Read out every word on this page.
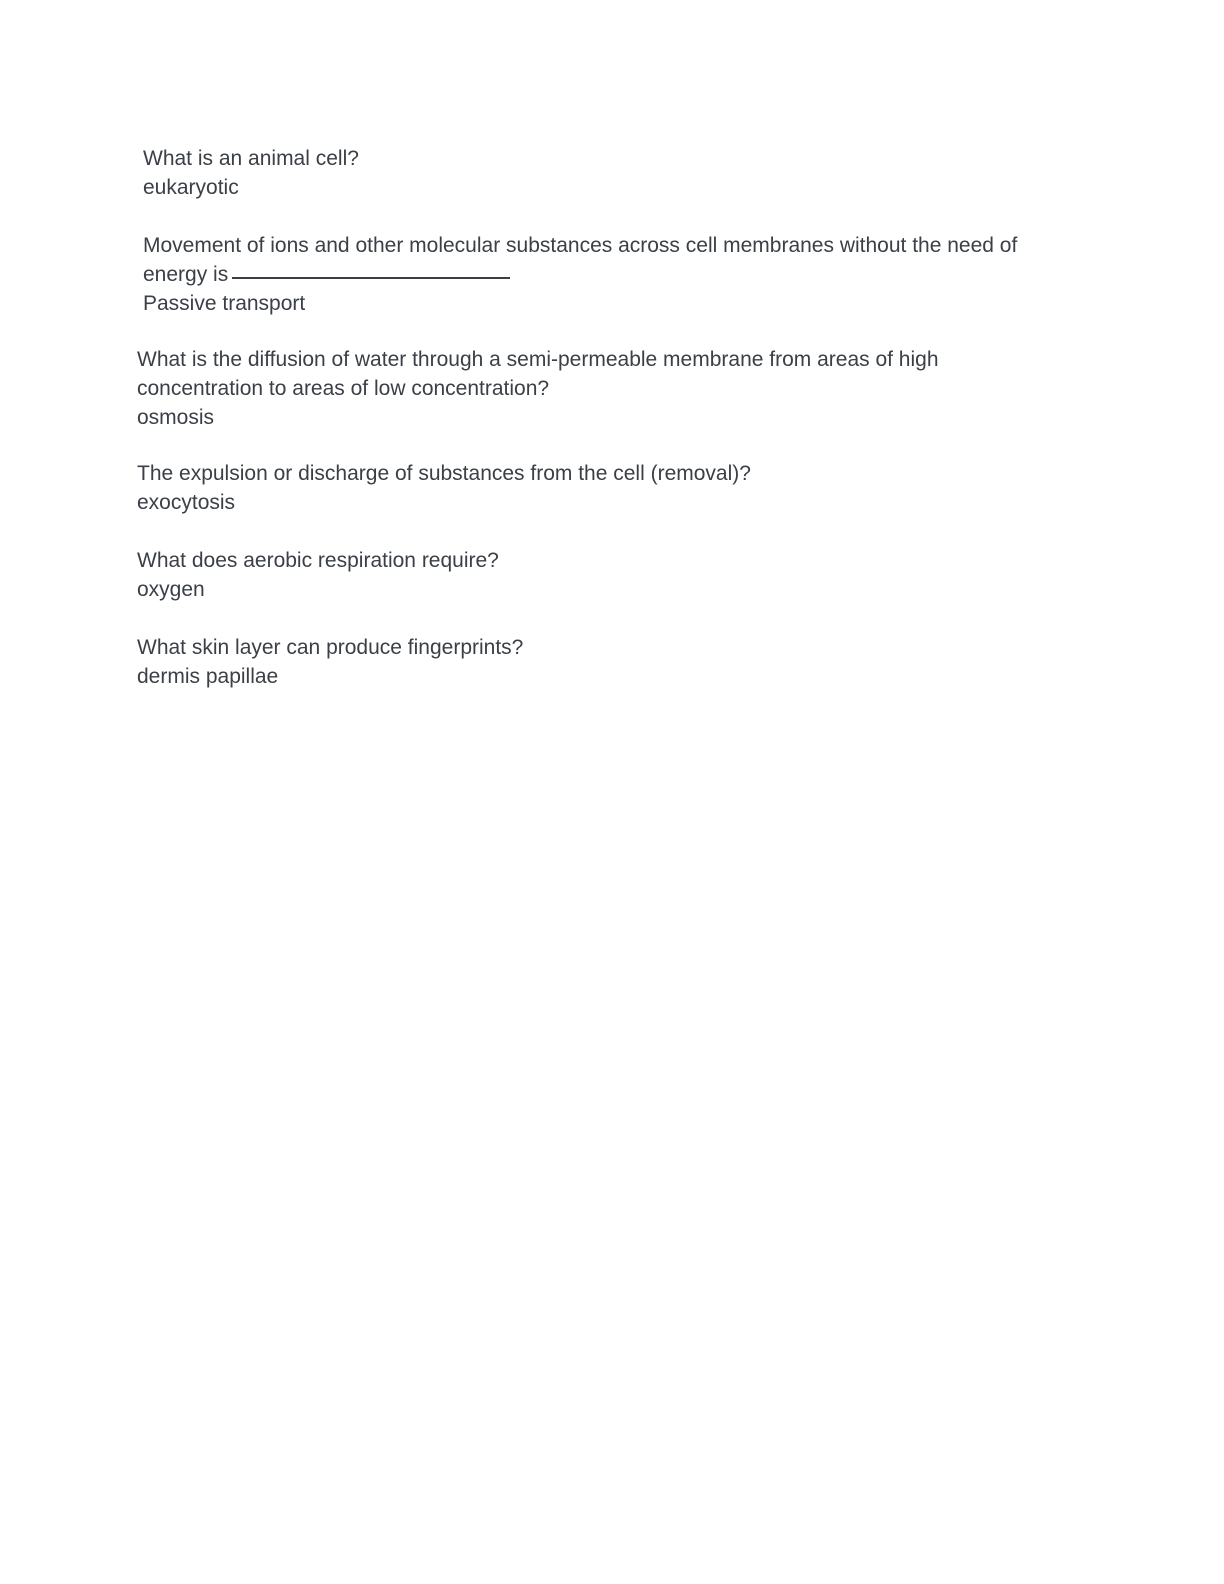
What is an animal cell?
eukaryotic
Movement of ions and other molecular substances across cell membranes without the need of
energy is
Passive transport
What is the diffusion of water through a semi-permeable membrane from areas of high
concentration to areas of low concentration?
osmosis
The expulsion or discharge of substances from the cell (removal)?
exocytosis
What does aerobic respiration require?
oxygen
What skin layer can produce fingerprints?
dermis papillae
